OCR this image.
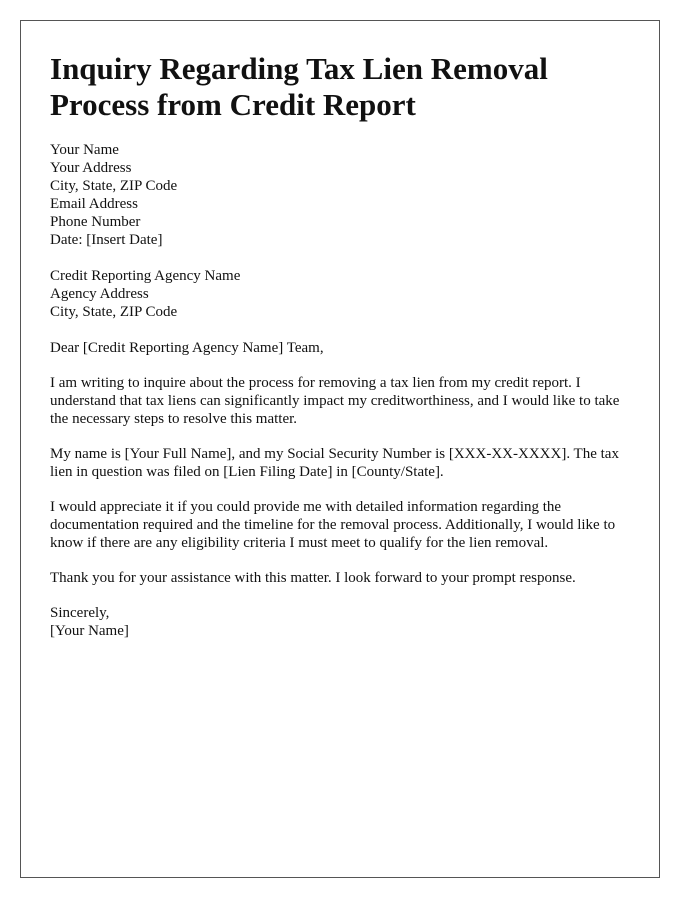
Inquiry Regarding Tax Lien Removal Process from Credit Report
Your Name
Your Address
City, State, ZIP Code
Email Address
Phone Number
Date: [Insert Date]
Credit Reporting Agency Name
Agency Address
City, State, ZIP Code

Dear [Credit Reporting Agency Name] Team,

I am writing to inquire about the process for removing a tax lien from my credit report. I understand that tax liens can significantly impact my creditworthiness, and I would like to take the necessary steps to resolve this matter.

My name is [Your Full Name], and my Social Security Number is [XXX-XX-XXXX]. The tax lien in question was filed on [Lien Filing Date] in [County/State].

I would appreciate it if you could provide me with detailed information regarding the documentation required and the timeline for the removal process. Additionally, I would like to know if there are any eligibility criteria I must meet to qualify for the lien removal.

Thank you for your assistance with this matter. I look forward to your prompt response.

Sincerely,
[Your Name]
